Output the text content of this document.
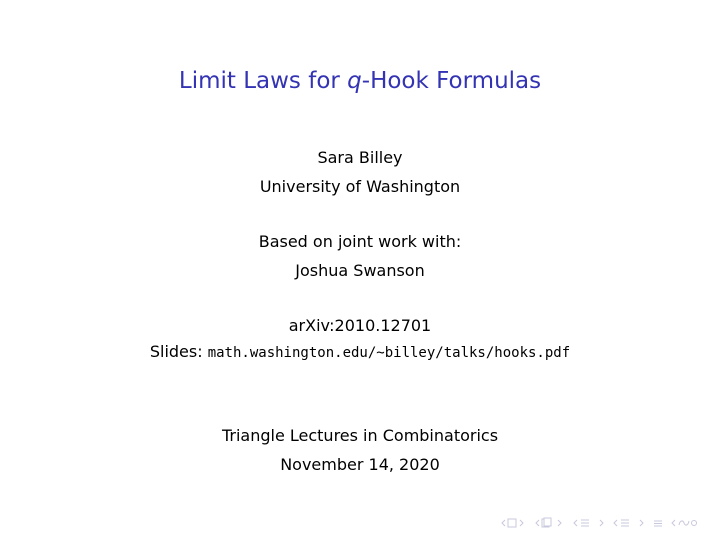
Limit Laws for q-Hook Formulas
Sara Billey
University of Washington
Based on joint work with:
Joshua Swanson
arXiv:2010.12701
Slides: math.washington.edu/~billey/talks/hooks.pdf
Triangle Lectures in Combinatorics
November 14, 2020
